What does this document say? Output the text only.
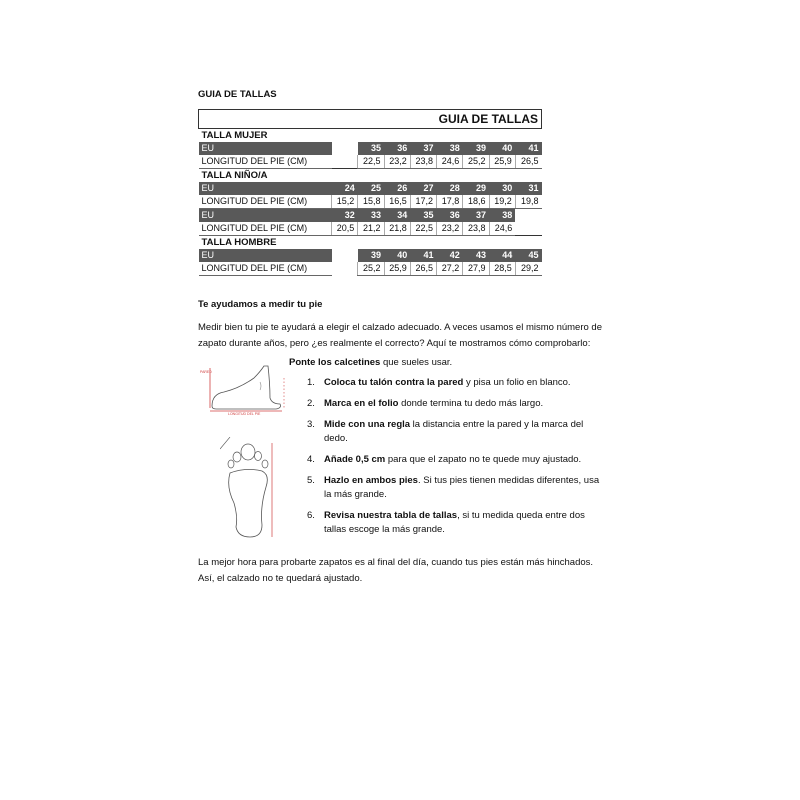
GUIA DE TALLAS
GUIA DE TALLAS								
TALLA MUJER								
EU		35	36	37	38	39	40	41
LONGITUD DEL PIE (CM)		22,5	23,2	23,8	24,6	25,2	25,9	26,5
TALLA NIÑO/A								
EU	24	25	26	27	28	29	30	31
LONGITUD DEL PIE (CM)	15,2	15,8	16,5	17,2	17,8	18,6	19,2	19,8
EU	32	33	34	35	36	37	38	
LONGITUD DEL PIE (CM)	20,5	21,2	21,8	22,5	23,2	23,8	24,6	
TALLA HOMBRE								
EU		39	40	41	42	43	44	45
LONGITUD DEL PIE (CM)		25,2	25,9	26,5	27,2	27,9	28,5	29,2
Te ayudamos a medir tu pie
Medir bien tu pie te ayudará a elegir el calzado adecuado. A veces usamos el mismo número de zapato durante años, pero ¿es realmente el correcto? Aquí te mostramos cómo comprobarlo:
PARED
LONGITUD DEL PIE
Ponte los calcetines que sueles usar.
1. Coloca tu talón contra la pared y pisa un folio en blanco.
2. Marca en el folio donde termina tu dedo más largo.
3. Mide con una regla la distancia entre la pared y la marca del dedo.
4. Añade 0,5 cm para que el zapato no te quede muy ajustado.
5. Hazlo en ambos pies. Si tus pies tienen medidas diferentes, usa la más grande.
6. Revisa nuestra tabla de tallas, si tu medida queda entre dos tallas escoge la más grande.
La mejor hora para probarte zapatos es al final del día, cuando tus pies están más hinchados. Así, el calzado no te quedará ajustado.
